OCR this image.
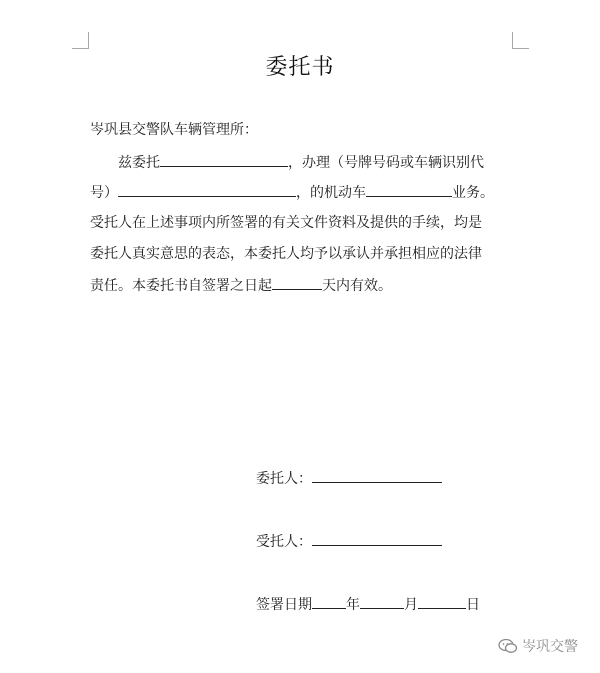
委托书
岑巩县交警队车辆管理所：
兹委托	，办理（号牌号码或车辆识别代
号）	，的机动车	业务。
受托人在上述事项内所签署的有关文件资料及提供的手续，均是
委托人真实意思的表态，本委托人均予以承认并承担相应的法律
责任。本委托书自签署之日起	天内有效。
委托人：
受托人：
签署日期 年	月	日
岑巩交警
